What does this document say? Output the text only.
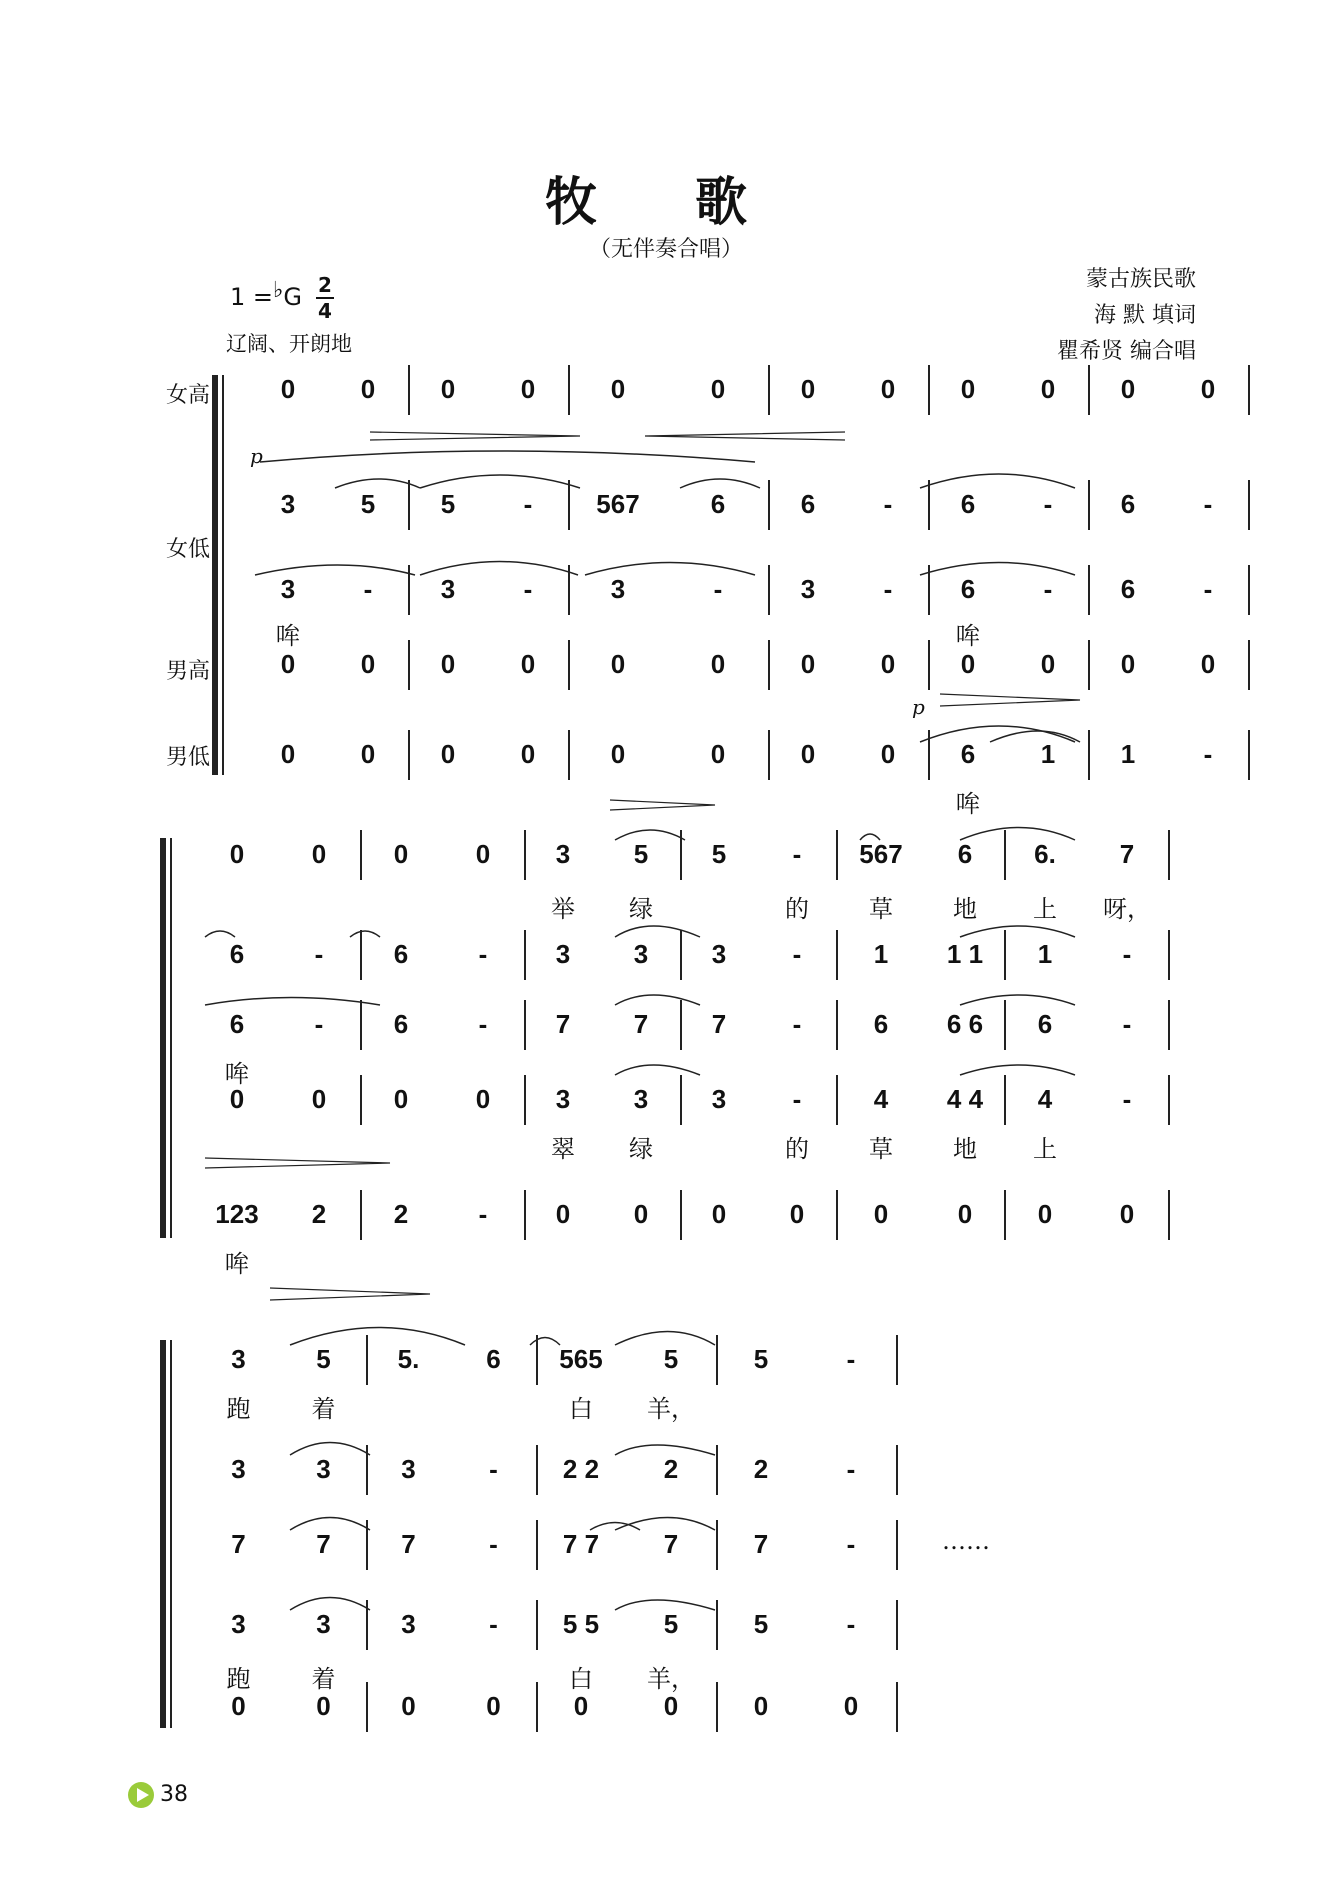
牧 歌
（无伴奏合唱）
蒙古族民歌
海 默 填词
瞿希贤 编合唱
1 =♭G 2
4
辽阔、开朗地
女高
女低
男高
男低
p
p
0	0	0	0	0	0	0	0	0	0	0	0
3	5	5	-	567	6	6	-	6	-	6	-
3	-	3	-	3	-	3	-	6	-	6	-
哞	哞
0	0	0	0	0	0	0	0	0	0	0	0
0	0	0	0	0	0	0	0	6	1	1	-
哞
0	0	0	0	3	5	5	-	567	6	6.	7
举	绿	的	草	地	上	呀，
6	-	6	-	3	3	3	-	1	1 1	1	-
6	-	6	-	7	7	7	-	6	6 6	6	-
哞
0	0	0	0	3	3	3	-	4	4 4	4	-
翠	绿	的	草	地	上
123	2	2	-	0	0	0	0	0	0	0	0
哞
3	5	5.	6	565	5	5	-
跑	着	白	羊，
3	3	3	-	2 2	2	2	-
7	7	7	-	7 7	7	7	-	……
3	3	3	-	5 5	5	5	-
跑	着	白	羊，
0	0	0	0	0	0	0	0
38
